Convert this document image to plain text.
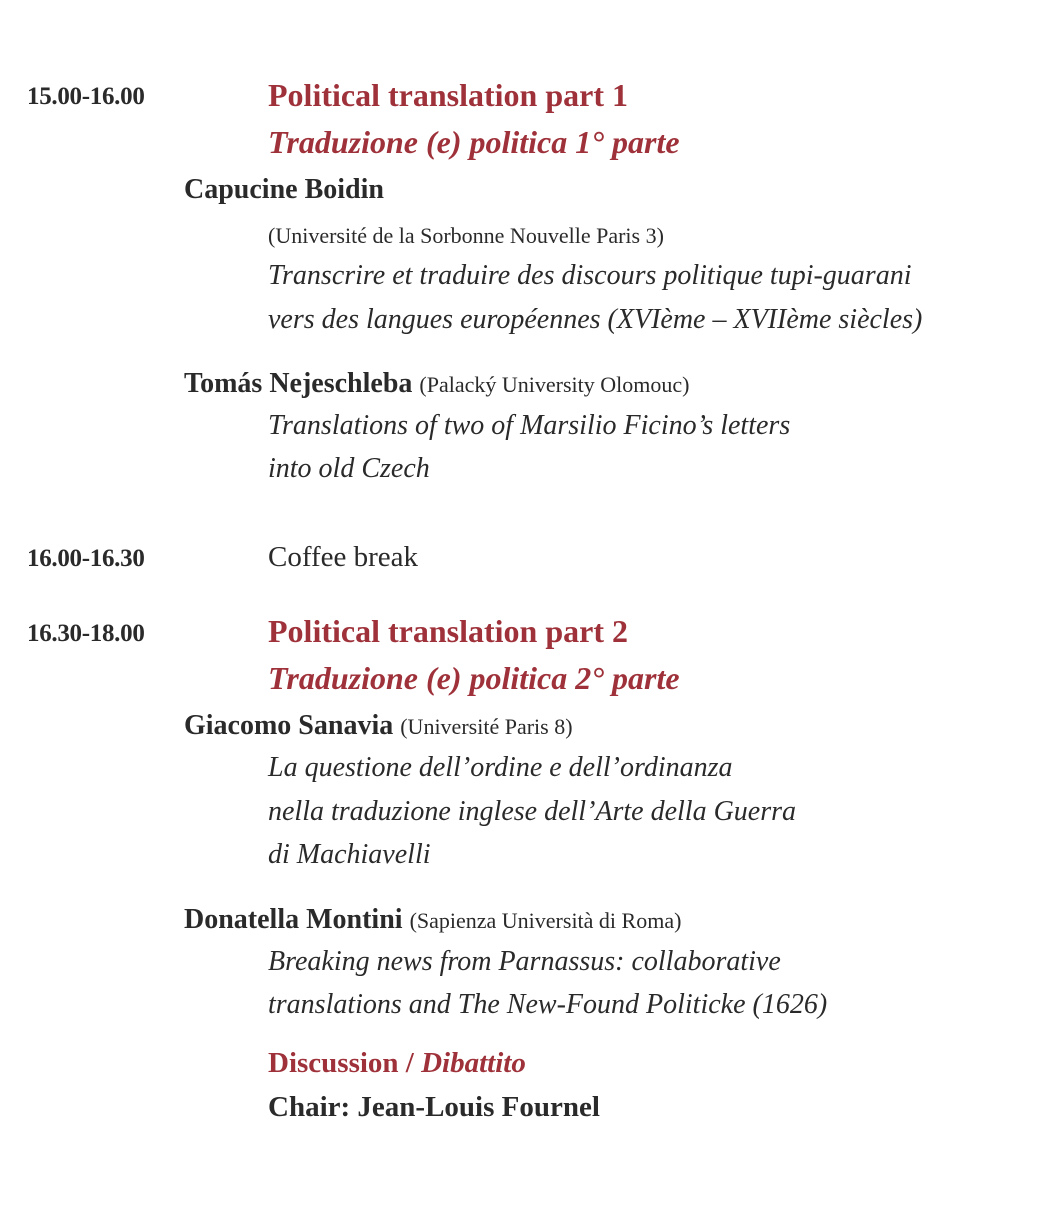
15.00-16.00	Political translation part 1
Traduzione (e) politica 1° parte
Capucine Boidin
(Université de la Sorbonne Nouvelle Paris 3)
Transcrire et traduire des discours politique tupi-guarani
vers des langues européennes (XVIème – XVIIème siècles)
Tomás Nejeschleba (Palacký University Olomouc)
Translations of two of Marsilio Ficino’s letters
into old Czech
16.00-16.30	Coffee break
16.30-18.00	Political translation part 2
Traduzione (e) politica 2° parte
Giacomo Sanavia (Université Paris 8)
La questione dell’ordine e dell’ordinanza
nella traduzione inglese dell’Arte della Guerra
di Machiavelli
Donatella Montini (Sapienza Università di Roma)
Breaking news from Parnassus: collaborative
translations and The New-Found Politicke (1626)
Discussion / Dibattito
Chair: Jean-Louis Fournel
